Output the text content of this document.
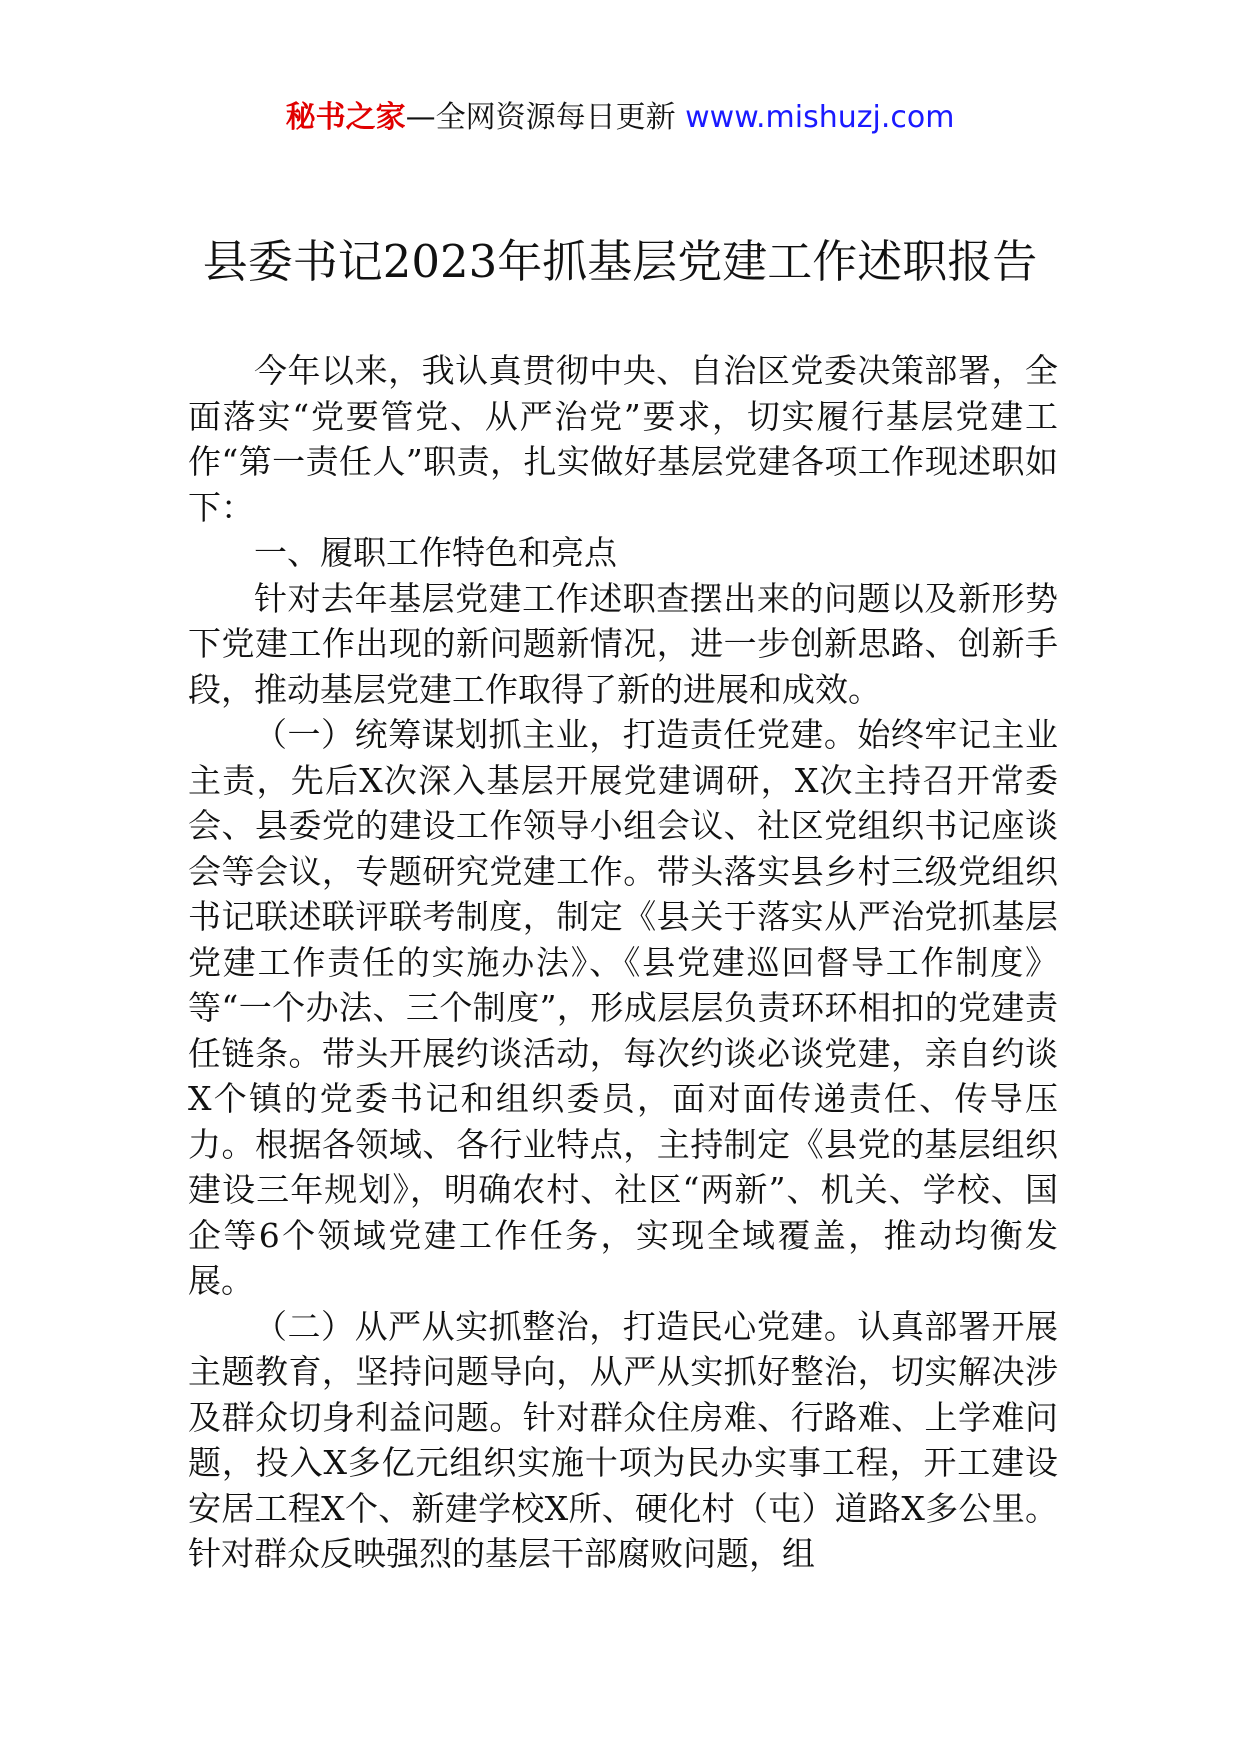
秘书之家—全网资源每日更新 www.mishuzj.com
县委书记2023年抓基层党建工作述职报告

今年以来，我认真贯彻中央、自治区党委决策部署，全面落实“党要管党、从严治党”要求，切实履行基层党建工作“第一责任人”职责，扎实做好基层党建各项工作现述职如下：

一、履职工作特色和亮点

针对去年基层党建工作述职查摆出来的问题以及新形势下党建工作出现的新问题新情况，进一步创新思路、创新手段，推动基层党建工作取得了新的进展和成效。

（一）统筹谋划抓主业，打造责任党建。始终牢记主业主责，先后X次深入基层开展党建调研，X次主持召开常委会、县委党的建设工作领导小组会议、社区党组织书记座谈会等会议，专题研究党建工作。带头落实县乡村三级党组织书记联述联评联考制度，制定《县关于落实从严治党抓基层党建工作责任的实施办法》、《县党建巡回督导工作制度》等“一个办法、三个制度”，形成层层负责环环相扣的党建责任链条。带头开展约谈活动，每次约谈必谈党建，亲自约谈X个镇的党委书记和组织委员，面对面传递责任、传导压力。根据各领域、各行业特点，主持制定《县党的基层组织建设三年规划》，明确农村、社区“两新”、机关、学校、国企等6个领域党建工作任务，实现全域覆盖，推动均衡发展。

（二）从严从实抓整治，打造民心党建。认真部署开展主题教育，坚持问题导向，从严从实抓好整治，切实解决涉及群众切身利益问题。针对群众住房难、行路难、上学难问题，投入X多亿元组织实施十项为民办实事工程，开工建设安居工程X个、新建学校X所、硬化村（屯）道路X多公里。针对群众反映强烈的基层干部腐败问题，组
